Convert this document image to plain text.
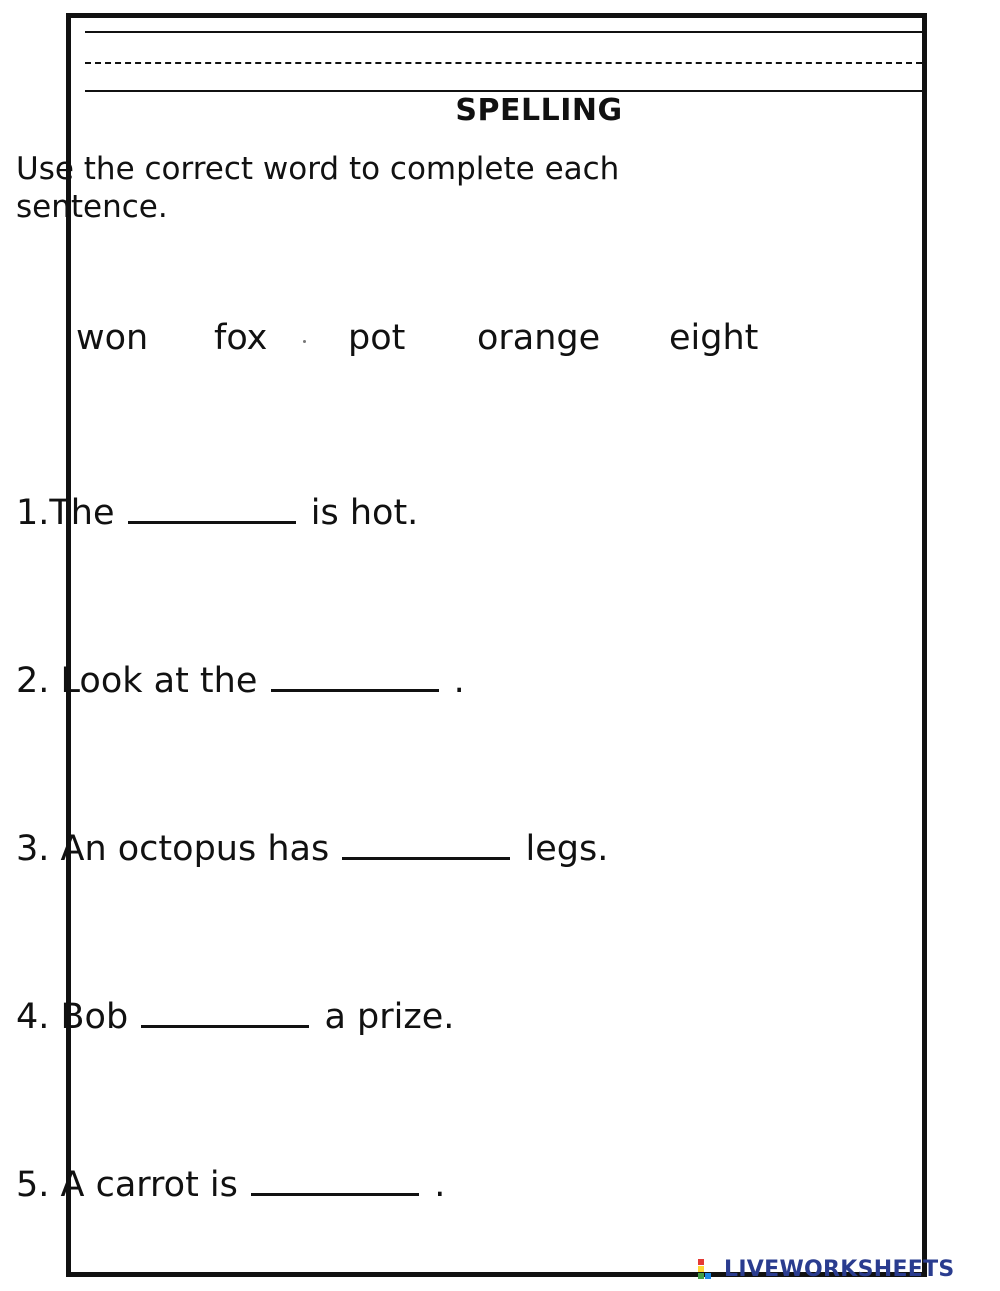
SPELLING
Use the correct word to complete each sentence.
won fox pot orange eight
1.The	is hot.
2. Look at the	.
3. An octopus has	legs.
4. Bob	a prize.
5. A carrot is	.
LIVEWORKSHEETS
